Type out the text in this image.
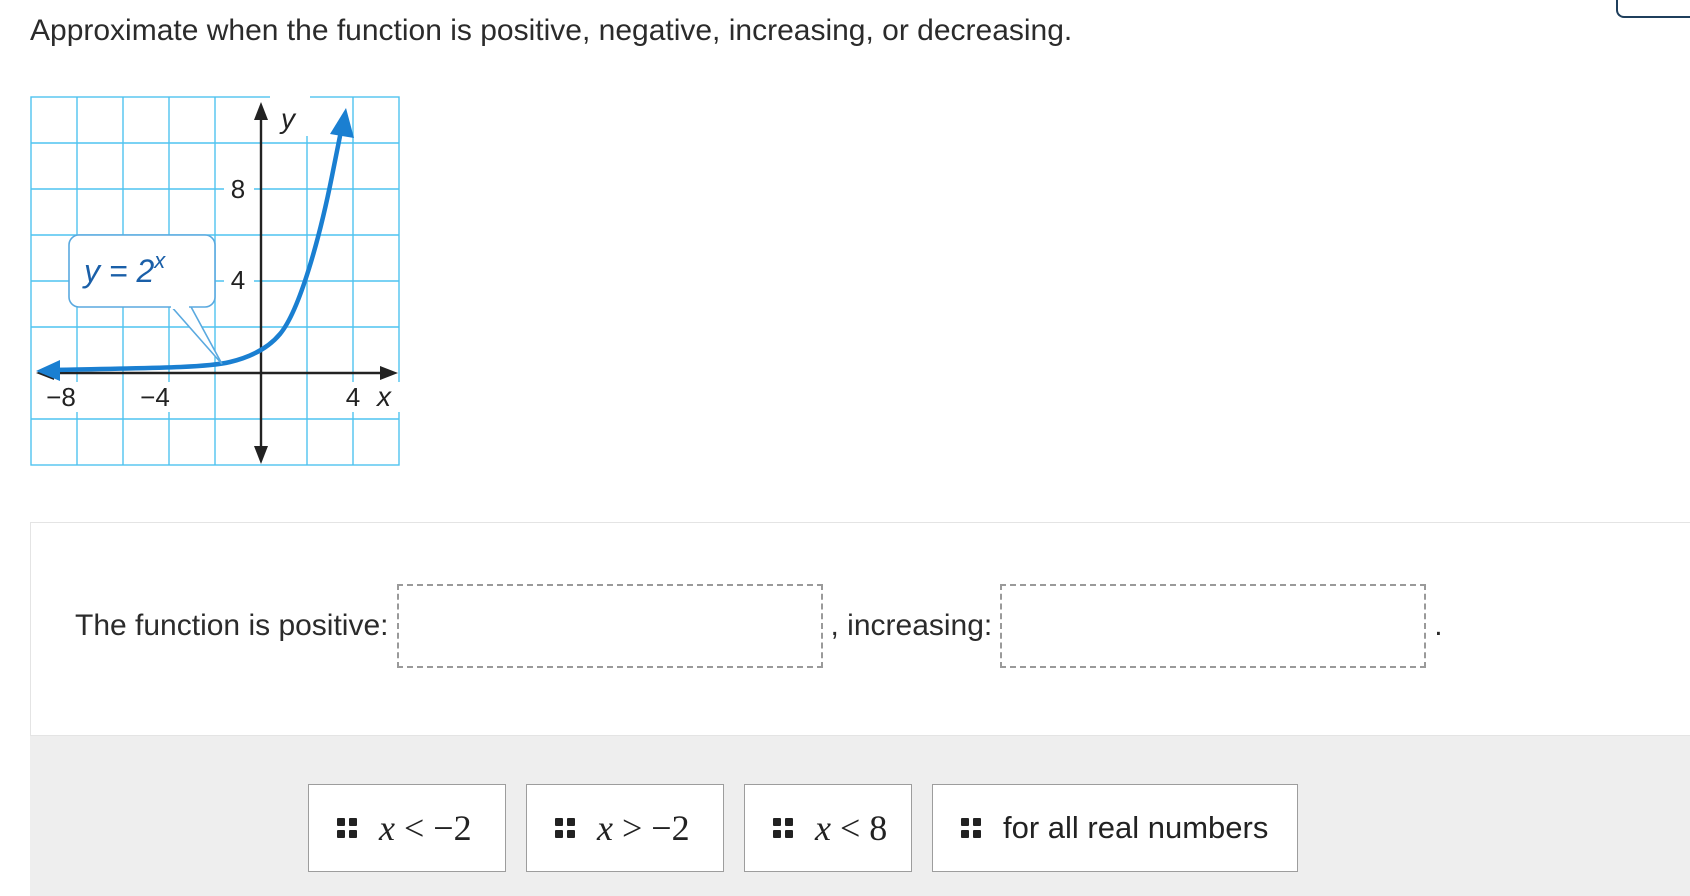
Approximate when the function is positive, negative, increasing, or decreasing.
−8 −4	4 x
8
4
y
$y = 2^x$
The function is positive:	, increasing:	.
x < −2	x > −2	x < 8	for all real numbers
